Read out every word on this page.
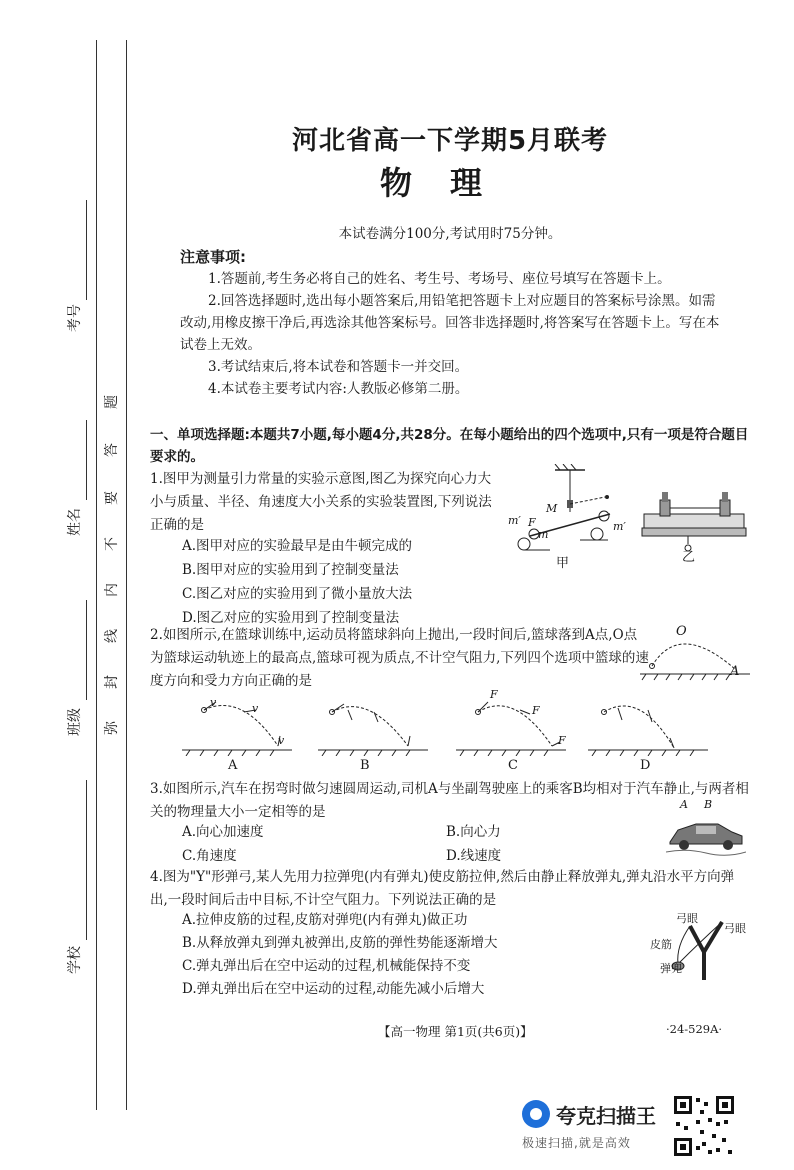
考号
姓名
班级
学校
题
答
要
不
内
线
封
弥
河北省高一下学期5月联考
物理
本试卷满分100分,考试用时75分钟。
注意事项:
1.答题前,考生务必将自己的姓名、考生号、考场号、座位号填写在答题卡上。
2.回答选择题时,选出每小题答案后,用铅笔把答题卡上对应题目的答案标号涂黑。如需改动,用橡皮擦干净后,再选涂其他答案标号。回答非选择题时,将答案写在答题卡上。写在本试卷上无效。
3.考试结束后,将本试卷和答题卡一并交回。
4.本试卷主要考试内容:人教版必修第二册。
一、单项选择题:本题共7小题,每小题4分,共28分。在每小题给出的四个选项中,只有一项是符合题目要求的。
1.图甲为测量引力常量的实验示意图,图乙为探究向心力大小与质量、半径、角速度大小关系的实验装置图,下列说法正确的是
A.图甲对应的实验最早是由牛顿完成的
B.图甲对应的实验用到了控制变量法
C.图乙对应的实验用到了微小量放大法
D.图乙对应的实验用到了控制变量法
m′ F
M
m
m′
甲	乙
2.如图所示,在篮球训练中,运动员将篮球斜向上抛出,一段时间后,篮球落到A点,O点为篮球运动轨迹上的最高点,篮球可视为质点,不计空气阻力,下列四个选项中篮球的速度方向和受力方向正确的是
O
A
v	v
v
A	B
F
F
F
C	D
3.如图所示,汽车在拐弯时做匀速圆周运动,司机A与坐副驾驶座上的乘客B均相对于汽车静止,与两者相关的物理量大小一定相等的是
A.向心加速度	B.向心力
C.角速度	D.线速度
A B
4.图为"Y"形弹弓,某人先用力拉弹兜(内有弹丸)使皮筋拉伸,然后由静止释放弹丸,弹丸沿水平方向弹出,一段时间后击中目标,不计空气阻力。下列说法正确的是
A.拉伸皮筋的过程,皮筋对弹兜(内有弹丸)做正功
B.从释放弹丸到弹丸被弹出,皮筋的弹性势能逐渐增大
C.弹丸弹出后在空中运动的过程,机械能保持不变
D.弹丸弹出后在空中运动的过程,动能先减小后增大
弓眼
弓眼
皮筋
弹兜
【高一物理 第1页(共6页)】	·24-529A·
夸克扫描王
极速扫描,就是高效
